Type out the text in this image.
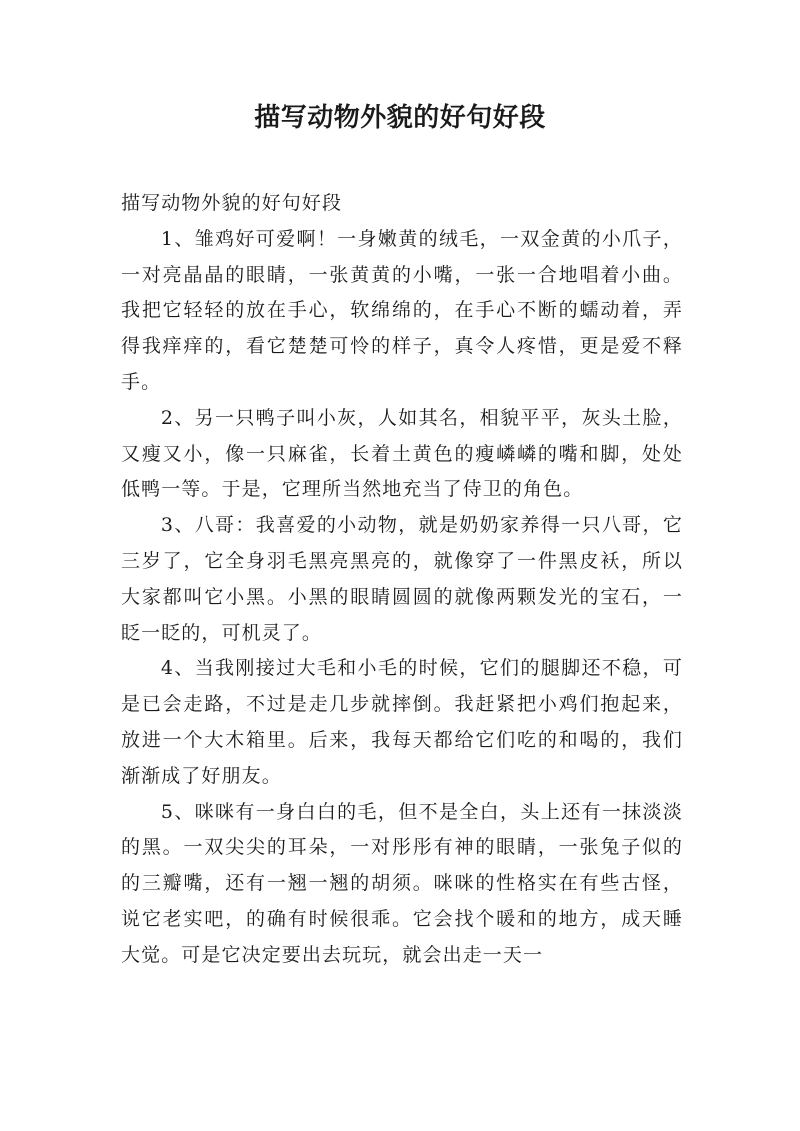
描写动物外貌的好句好段

描写动物外貌的好句好段

1、雏鸡好可爱啊！一身嫩黄的绒毛，一双金黄的小爪子，一对亮晶晶的眼睛，一张黄黄的小嘴，一张一合地唱着小曲。我把它轻轻的放在手心，软绵绵的，在手心不断的蠕动着，弄得我痒痒的，看它楚楚可怜的样子，真令人疼惜，更是爱不释手。

2、另一只鸭子叫小灰，人如其名，相貌平平，灰头土脸，又瘦又小，像一只麻雀，长着土黄色的瘦嶙嶙的嘴和脚，处处低鸭一等。于是，它理所当然地充当了侍卫的角色。

3、八哥：我喜爱的小动物，就是奶奶家养得一只八哥，它三岁了，它全身羽毛黑亮黑亮的，就像穿了一件黑皮袄，所以大家都叫它小黑。小黑的眼睛圆圆的就像两颗发光的宝石，一眨一眨的，可机灵了。

4、当我刚接过大毛和小毛的时候，它们的腿脚还不稳，可是已会走路，不过是走几步就摔倒。我赶紧把小鸡们抱起来，放进一个大木箱里。后来，我每天都给它们吃的和喝的，我们渐渐成了好朋友。

5、咪咪有一身白白的毛，但不是全白，头上还有一抹淡淡的黑。一双尖尖的耳朵，一对彤彤有神的眼睛，一张兔子似的的三瓣嘴，还有一翘一翘的胡须。咪咪的性格实在有些古怪，说它老实吧，的确有时候很乖。它会找个暖和的地方，成天睡大觉。可是它决定要出去玩玩，就会出走一天一
